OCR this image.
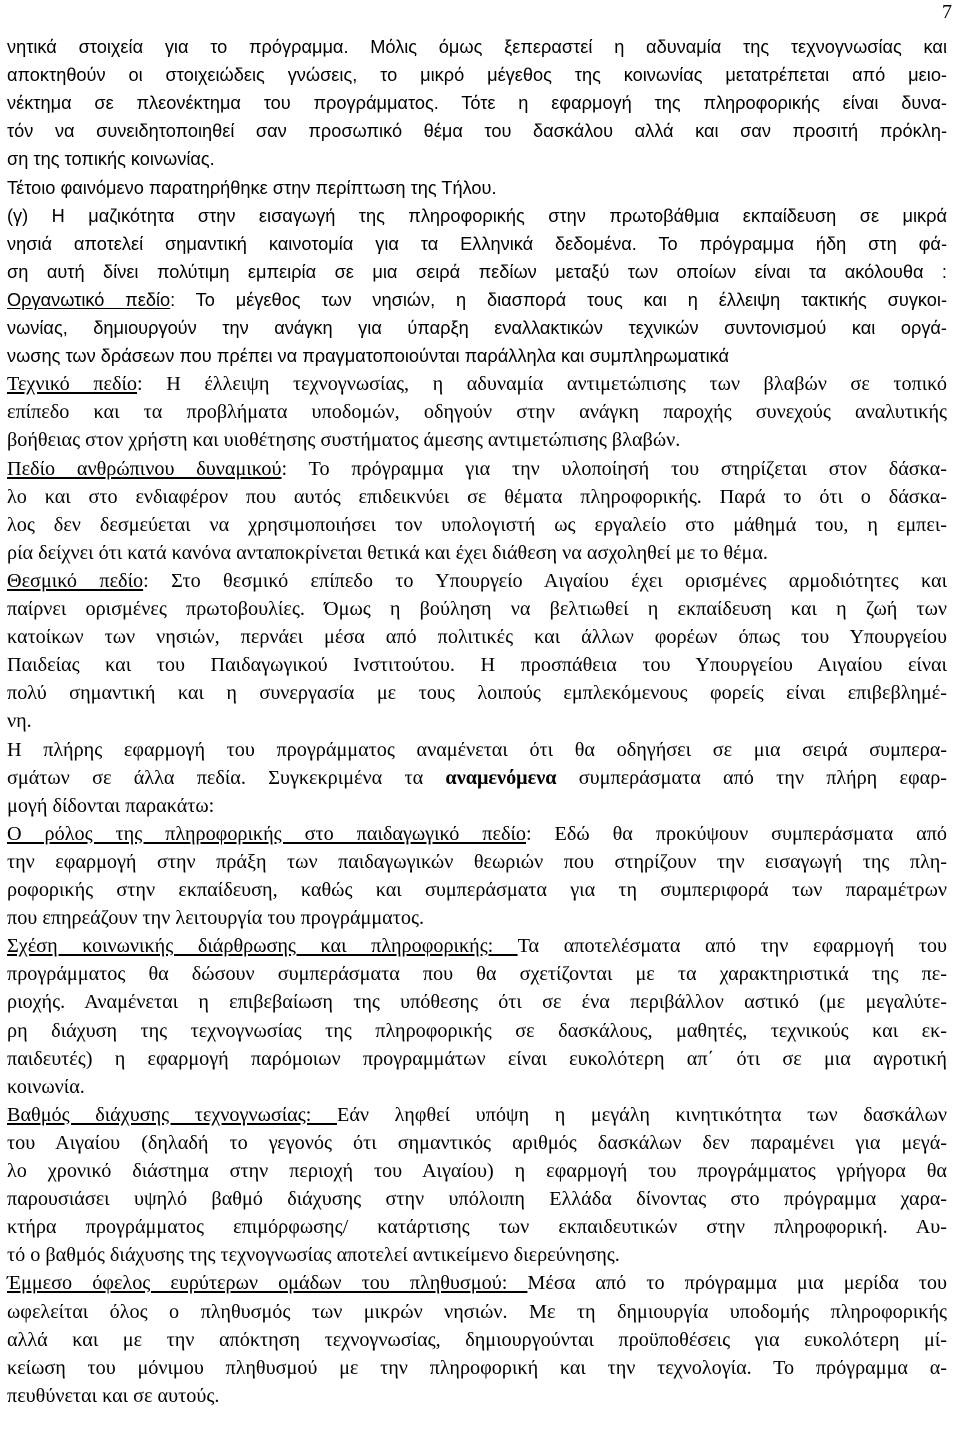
7
νητικά στοιχεία για το πρόγραμμα. Μόλις όμως ξεπεραστεί η αδυναμία της τεχνογνωσίας και
αποκτηθούν οι στοιχειώδεις γνώσεις, το μικρό μέγεθος της κοινωνίας μετατρέπεται από μειο-
νέκτημα σε πλεονέκτημα του προγράμματος. Τότε η εφαρμογή της πληροφορικής είναι δυνα-
τόν να συνειδητοποιηθεί σαν προσωπικό θέμα του δασκάλου αλλά και σαν προσιτή πρόκλη-
ση της τοπικής κοινωνίας.
Τέτοιο φαινόμενο παρατηρήθηκε στην περίπτωση της Τήλου.
(γ) Η μαζικότητα στην εισαγωγή της πληροφορικής στην πρωτοβάθμια εκπαίδευση σε μικρά
νησιά αποτελεί σημαντική καινοτομία για τα Ελληνικά δεδομένα. Το πρόγραμμα ήδη στη φά-
ση αυτή δίνει πολύτιμη εμπειρία σε μια σειρά πεδίων μεταξύ των οποίων είναι τα ακόλουθα :
Οργανωτικό πεδίο: Το μέγεθος των νησιών, η διασπορά τους και η έλλειψη τακτικής συγκοι-
νωνίας, δημιουργούν την ανάγκη για ύπαρξη εναλλακτικών τεχνικών συντονισμού και οργά-
νωσης των δράσεων που πρέπει να πραγματοποιούνται παράλληλα και συμπληρωματικά
Τεχνικό πεδίο: Η έλλειψη τεχνογνωσίας, η αδυναμία αντιμετώπισης των βλαβών σε τοπικό
επίπεδο και τα προβλήματα υποδομών, οδηγούν στην ανάγκη παροχής συνεχούς αναλυτικής
βοήθειας στον χρήστη και υιοθέτησης συστήματος άμεσης αντιμετώπισης βλαβών.
Πεδίο ανθρώπινου δυναμικού: Το πρόγραμμα για την υλοποίησή του στηρίζεται στον δάσκα-
λο και στο ενδιαφέρον που αυτός επιδεικνύει σε θέματα πληροφορικής. Παρά το ότι ο δάσκα-
λος δεν δεσμεύεται να χρησιμοποιήσει τον υπολογιστή ως εργαλείο στο μάθημά του, η εμπει-
ρία δείχνει ότι κατά κανόνα ανταποκρίνεται θετικά και έχει διάθεση να ασχοληθεί με το θέμα.
Θεσμικό πεδίο: Στο θεσμικό επίπεδο το Υπουργείο Αιγαίου έχει ορισμένες αρμοδιότητες και
παίρνει ορισμένες πρωτοβουλίες. Όμως η βούληση να βελτιωθεί η εκπαίδευση και η ζωή των
κατοίκων των νησιών, περνάει μέσα από πολιτικές και άλλων φορέων όπως του Υπουργείου
Παιδείας και του Παιδαγωγικού Ινστιτούτου. Η προσπάθεια του Υπουργείου Αιγαίου είναι
πολύ σημαντική και η συνεργασία με τους λοιπούς εμπλεκόμενους φορείς είναι επιβεβλημέ-
νη.
Η πλήρης εφαρμογή του προγράμματος αναμένεται ότι θα οδηγήσει σε μια σειρά συμπερα-
σμάτων σε άλλα πεδία. Συγκεκριμένα τα αναμενόμενα συμπεράσματα από την πλήρη εφαρ-
μογή δίδονται παρακάτω:
Ο ρόλος της πληροφορικής στο παιδαγωγικό πεδίο: Εδώ θα προκύψουν συμπεράσματα από
την εφαρμογή στην πράξη των παιδαγωγικών θεωριών που στηρίζουν την εισαγωγή της πλη-
ροφορικής στην εκπαίδευση, καθώς και συμπεράσματα για τη συμπεριφορά των παραμέτρων
που επηρεάζουν την λειτουργία του προγράμματος.
Σχέση κοινωνικής διάρθρωσης και πληροφορικής: Τα αποτελέσματα από την εφαρμογή του
προγράμματος θα δώσουν συμπεράσματα που θα σχετίζονται με τα χαρακτηριστικά της πε-
ριοχής. Αναμένεται η επιβεβαίωση της υπόθεσης ότι σε ένα περιβάλλον αστικό (με μεγαλύτε-
ρη διάχυση της τεχνογνωσίας της πληροφορικής σε δασκάλους, μαθητές, τεχνικούς και εκ-
παιδευτές) η εφαρμογή παρόμοιων προγραμμάτων είναι ευκολότερη απ΄ ότι σε μια αγροτική
κοινωνία.
Βαθμός διάχυσης τεχνογνωσίας: Εάν ληφθεί υπόψη η μεγάλη κινητικότητα των δασκάλων
του Αιγαίου (δηλαδή το γεγονός ότι σημαντικός αριθμός δασκάλων δεν παραμένει για μεγά-
λο χρονικό διάστημα στην περιοχή του Αιγαίου) η εφαρμογή του προγράμματος γρήγορα θα
παρουσιάσει υψηλό βαθμό διάχυσης στην υπόλοιπη Ελλάδα δίνοντας στο πρόγραμμα χαρα-
κτήρα προγράμματος επιμόρφωσης/ κατάρτισης των εκπαιδευτικών στην πληροφορική. Αυ-
τό ο βαθμός διάχυσης της τεχνογνωσίας αποτελεί αντικείμενο διερεύνησης.
Έμμεσο όφελος ευρύτερων ομάδων του πληθυσμού: Μέσα από το πρόγραμμα μια μερίδα του
ωφελείται όλος ο πληθυσμός των μικρών νησιών. Με τη δημιουργία υποδομής πληροφορικής
αλλά και με την απόκτηση τεχνογνωσίας, δημιουργούνται προϋποθέσεις για ευκολότερη μί-
κείωση του μόνιμου πληθυσμού με την πληροφορική και την τεχνολογία. Το πρόγραμμα α-
πευθύνεται και σε αυτούς.
